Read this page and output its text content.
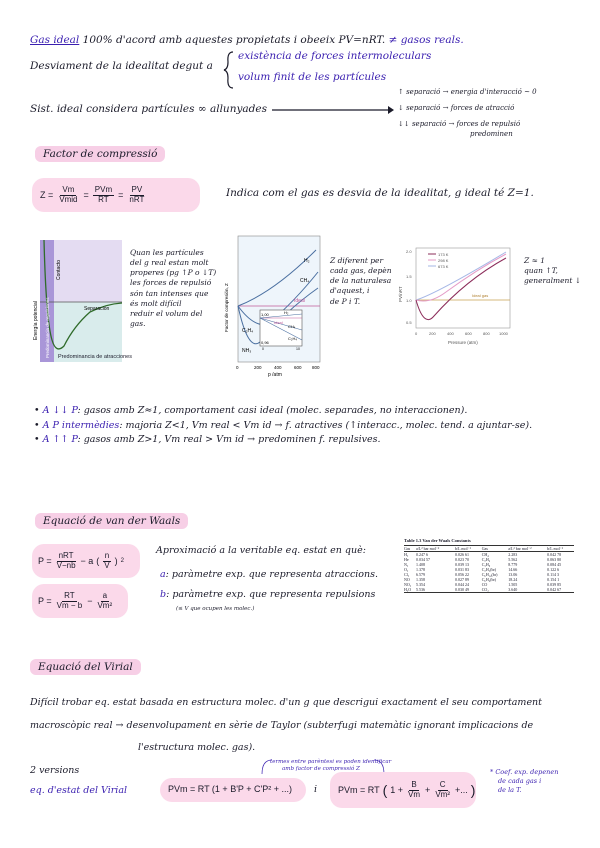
Gas ideal 100% d'acord amb aquestes propietats i obeeix PV=nRT. ≠ gasos reals.
Desviament de la idealitat degut a
existència de forces intermoleculars
volum finit de les partícules
Sist. ideal considera partícules ∞ allunyades
↑ separació → energia d'interacció ~ 0
↓ separació → forces de atracció
↓↓ separació → forces de repulsió
predominen
Factor de compressió
$Z = \frac{Vm}{\text{Vmid}} = \frac{\text{PVm}}{RT} = \frac{PV}{\text{nRT}}$	Indica com el gas es desvia de la idealitat, g ideal té Z=1.
Energía potencial Predominancia de repulsiones
Contacto
Separación
Predominancia de atracciones
Quan les partícules
del g real estan molt
properes (pg ↑P o ↓T)
les forces de repulsió
són tan intenses que
és molt difícil
reduir el volum del
gas.	Factor de compresión, Z
p /atm
H₂
CH₄
Ideal
C₂H₄
NH₃
H₂
CH₄
C₂H₄
Ideal
1,00
0,96
0	10
0	200	400	600 800
Z diferent per
cada gas, depèn
de la naturalesa
d'aquest, i
de P i T.
173 K
298 K
673 K
Ideal gas
PV/nRT
0.5
1.0
1.5
2.0
0	200	400	600	800 1000
Pressure (atm)
Z ≈ 1
quan ↑T,
generalment ↓
• A ↓↓ P: gasos amb Z≈1, comportament casi ideal (molec. separades, no interaccionen).
• A P intermèdies: majoria Z<1, Vm real < Vm id → f. atractives (↑interacc., molec. tend. a ajuntar-se).
• A ↑↑ P: gasos amb Z>1, Vm real > Vm id → predominen f. repulsives.
Equació de van der Waals
$P = \frac{\text{nRT}}{V-nb} - a$ ( $\frac{n}{V}$ ) 2
$P = \frac{RT}{Vm - b} - \frac{a}{\text{Vm²}}$
Aproximació a la veritable eq. estat en què:
a: paràmetre exp. que representa atraccions.
b: paràmetre exp. que representa repulsions
(≤ V que ocupen les molec.)
Table 1.3 Van der Waals Constants
Gas	a/L² bar mol⁻²	b/L mol⁻¹	Gas	a/L² bar mol⁻²	b/L mol⁻¹
H₂	0.247 6	0.026 61	CH₄	2.283	0.042 78
He	0.034 57	0.023 70	C₂H₆	5.562	0.063 80
N₂	1.408	0.039 13	C₃H₈	8.779	0.084 45
O₂	1.378	0.031 83	C₂H₂(br)	14.66	0.122 6
Cl₂	6.579	0.056 22	C₆H₁₄(br)	13.06	0.114 3
NO	1.358	0.027 89	C₆H₆(br)	18.24	0.154 1
NO₂	5.354	0.044 24	CO	1.505	0.039 85
H₂O	5.536	0.030 49	CO₂	3.640	0.042 67
Equació del Virial
Difícil trobar eq. estat basada en estructura molec. d'un g que descrigui exactament el seu comportament
macroscòpic real → desenvolupament en sèrie de Taylor (subterfugi matemàtic ignorant implicacions de
l'estructura molec. gas).
2 versions
eq. d'estat del Virial
termes entre parèntesi es poden identificar
amb factor de compressió Z
PVm = RT (1 + B'P + C'P² + ...) i PVm = RT ( $1 + \frac{B}{Vm} + \frac{C}{\text{Vm²}}$ +... )
* Coef. exp. depenen
de cada gas i
de la T.
